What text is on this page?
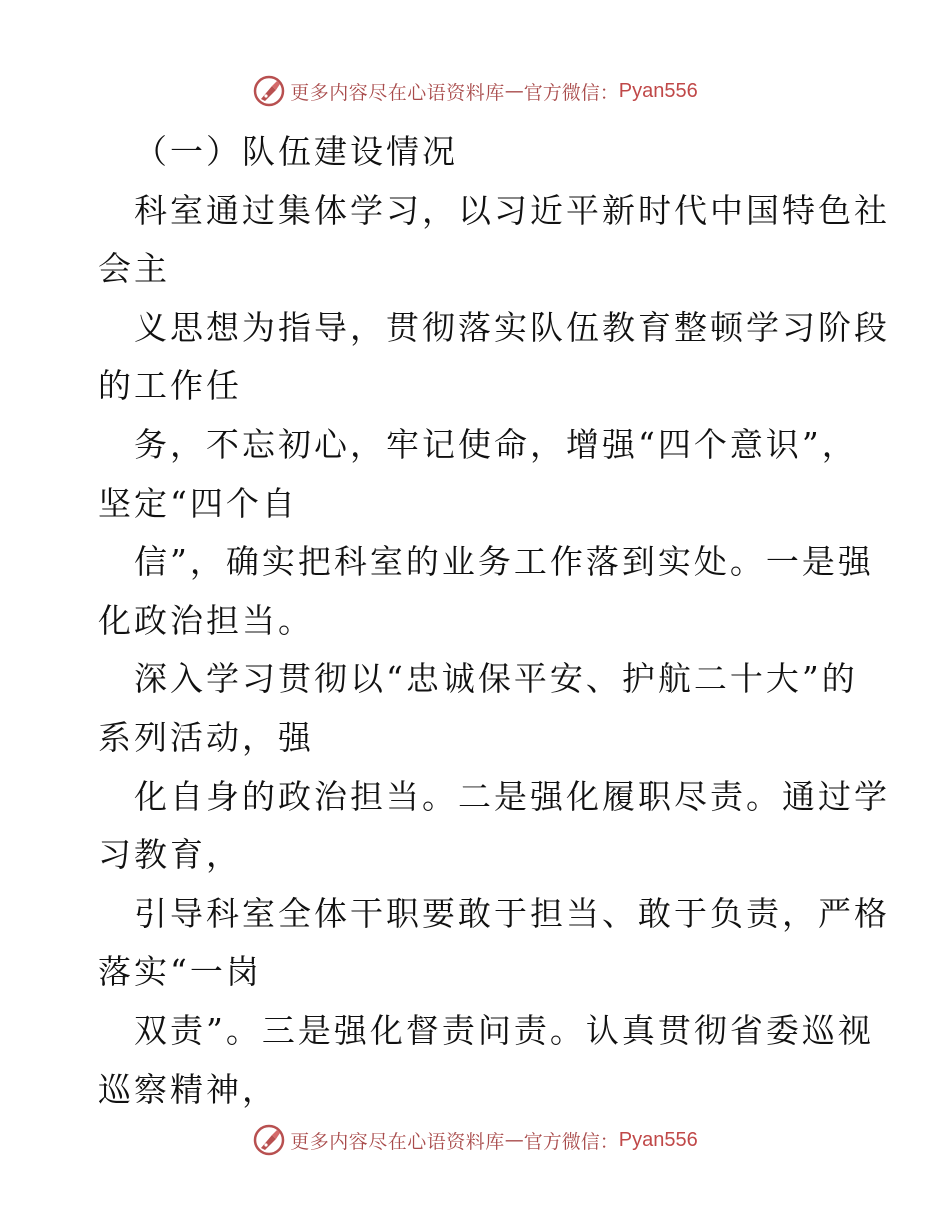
更多内容尽在心语资料库 — 官方微信： Pyan556
（一）队伍建设情况
科室通过集体学习，以习近平新时代中国特色社
会主
义思想为指导，贯彻落实队伍教育整顿学习阶段
的工作任
务，不忘初心，牢记使命，增强“四个意识”，
坚定“四个自
信”，确实把科室的业务工作落到实处。一是强
化政治担当。
深入学习贯彻以“忠诚保平安、护航二十大”的
系列活动，强
化自身的政治担当。二是强化履职尽责。通过学
习教育，
引导科室全体干职要敢于担当、敢于负责，严格
落实“一岗
双责”。三是强化督责问责。认真贯彻省委巡视
巡察精神，
更多内容尽在心语资料库 — 官方微信： Pyan556
